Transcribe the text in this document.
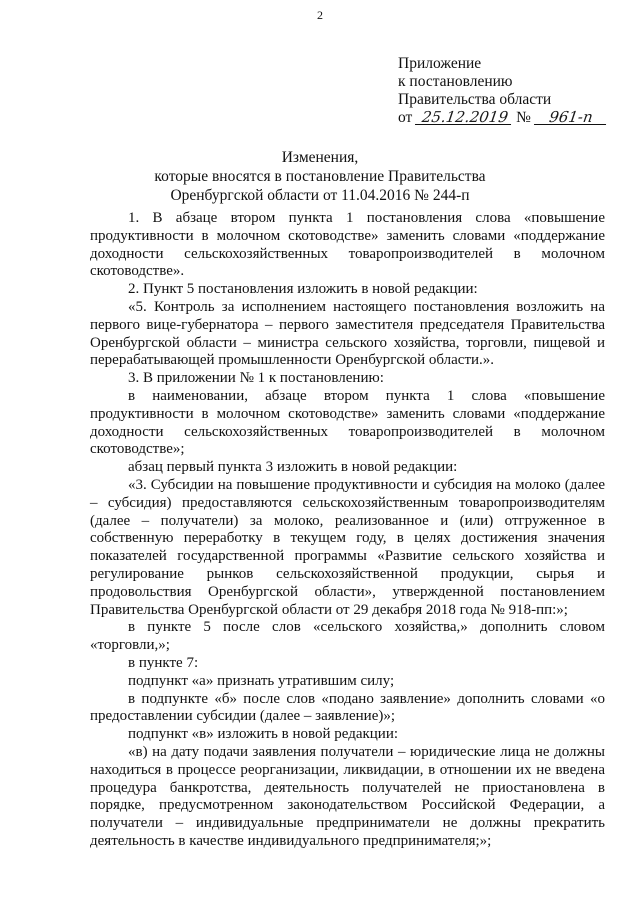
2
Приложение
к постановлению
Правительства области
от 25.12.2019 № 961-п
Изменения,
которые вносятся в постановление Правительства
Оренбургской области от 11.04.2016 № 244-п

1. В абзаце втором пункта 1 постановления слова «повышение продуктивности в молочном скотоводстве» заменить словами «поддержание доходности сельскохозяйственных товаропроизводителей в молочном скотоводстве».

2. Пункт 5 постановления изложить в новой редакции:

«5. Контроль за исполнением настоящего постановления возложить на первого вице-губернатора – первого заместителя председателя Правительства Оренбургской области – министра сельского хозяйства, торговли, пищевой и перерабатывающей промышленности Оренбургской области.».

3. В приложении № 1 к постановлению:

в наименовании, абзаце втором пункта 1 слова «повышение продуктивности в молочном скотоводстве» заменить словами «поддержание доходности сельскохозяйственных товаропроизводителей в молочном скотоводстве»;

абзац первый пункта 3 изложить в новой редакции:

«3. Субсидии на повышение продуктивности и субсидия на молоко (далее – субсидия) предоставляются сельскохозяйственным товаропроизводителям (далее – получатели) за молоко, реализованное и (или) отгруженное в собственную переработку в текущем году, в целях достижения значения показателей государственной программы «Развитие сельского хозяйства и регулирование рынков сельскохозяйственной продукции, сырья и продовольствия Оренбургской области», утвержденной постановлением Правительства Оренбургской области от 29 декабря 2018 года № 918-пп:»;

в пункте 5 после слов «сельского хозяйства,» дополнить словом «торговли,»;

в пункте 7:

подпункт «а» признать утратившим силу;

в подпункте «б» после слов «подано заявление» дополнить словами «о предоставлении субсидии (далее – заявление)»;

подпункт «в» изложить в новой редакции:

«в) на дату подачи заявления получатели – юридические лица не должны находиться в процессе реорганизации, ликвидации, в отношении их не введена процедура банкротства, деятельность получателей не приостановлена в порядке, предусмотренном законодательством Российской Федерации, а получатели – индивидуальные предприниматели не должны прекратить деятельность в качестве индивидуального предпринимателя;»;
